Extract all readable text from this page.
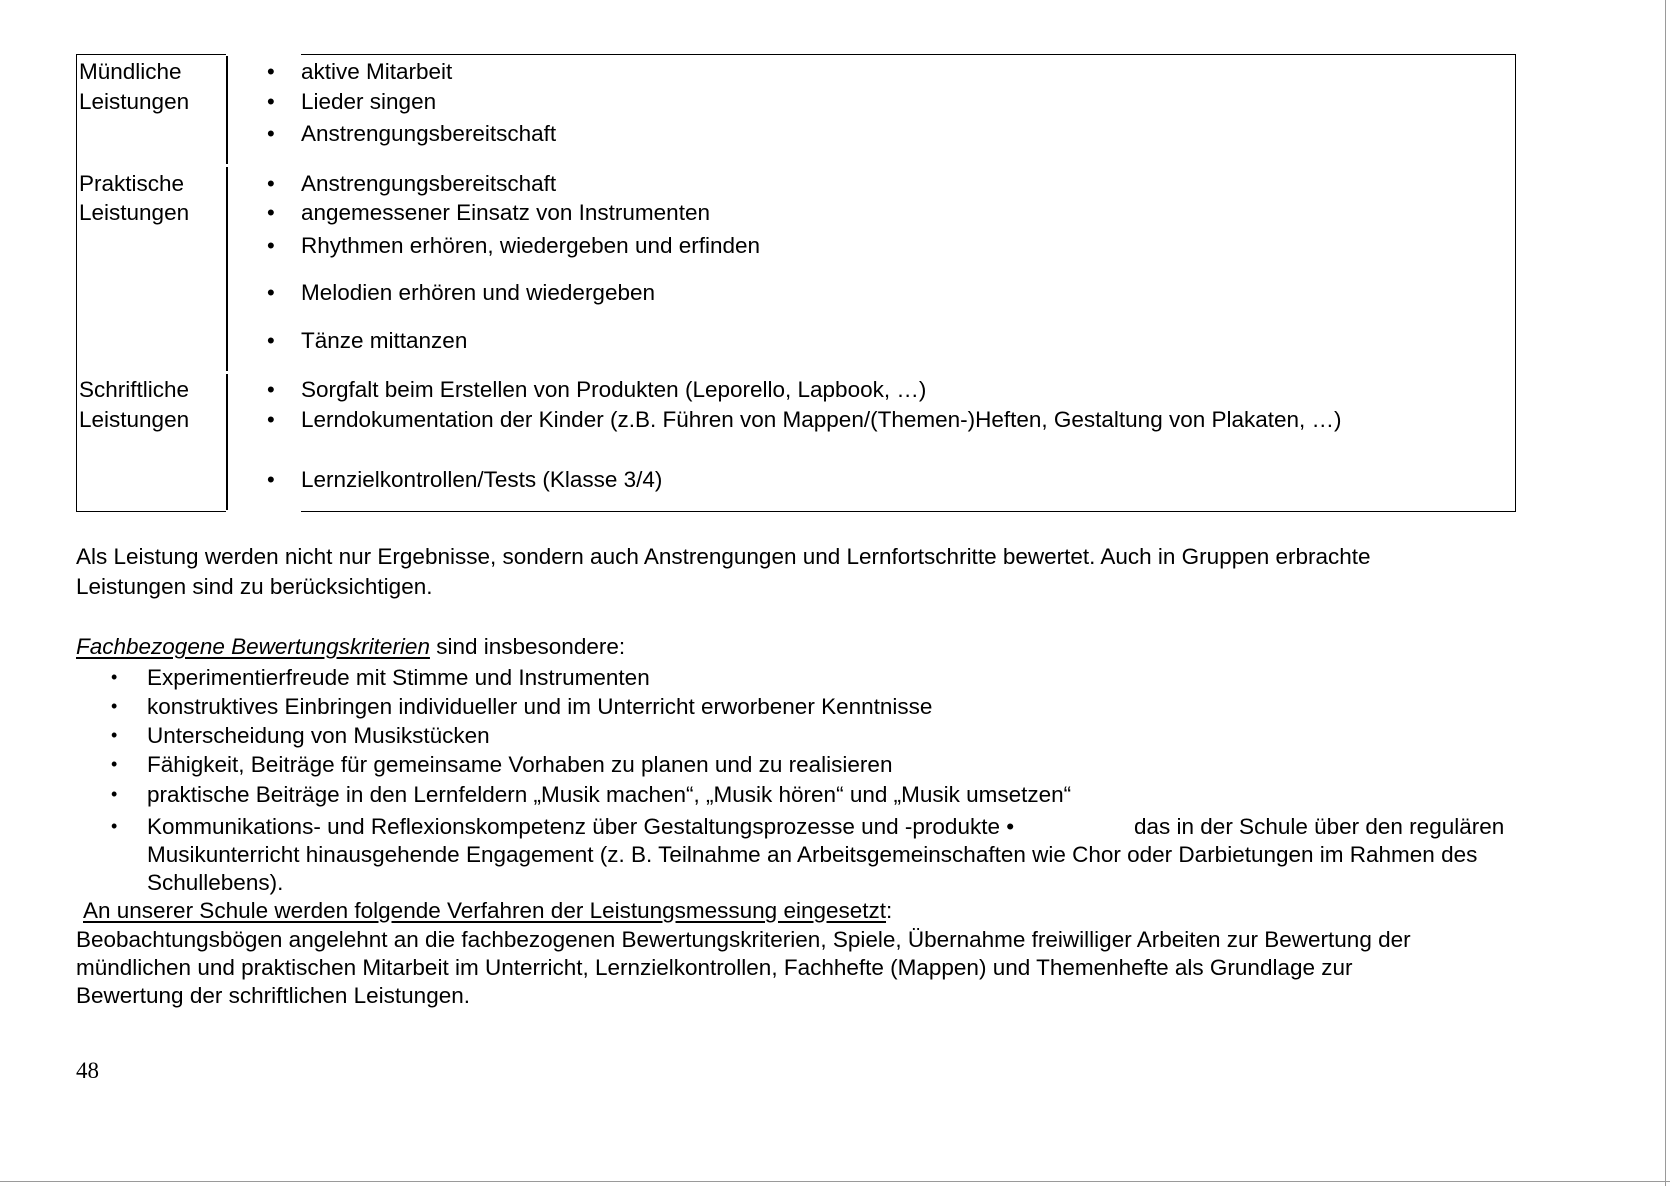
Mündliche
Leistungen
• aktive Mitarbeit
• Lieder singen
• Anstrengungsbereitschaft
Praktische
Leistungen
• Anstrengungsbereitschaft
• angemessener Einsatz von Instrumenten
• Rhythmen erhören, wiedergeben und erfinden
• Melodien erhören und wiedergeben
• Tänze mittanzen
Schriftliche
Leistungen
• Sorgfalt beim Erstellen von Produkten (Leporello, Lapbook, …)
• Lerndokumentation der Kinder (z.B. Führen von Mappen/(Themen-)Heften, Gestaltung von Plakaten, …)
• Lernzielkontrollen/Tests (Klasse 3/4)
Als Leistung werden nicht nur Ergebnisse, sondern auch Anstrengungen und Lernfortschritte bewertet. Auch in Gruppen erbrachte
Leistungen sind zu berücksichtigen.
Fachbezogene Bewertungskriterien sind insbesondere:
• Experimentierfreude mit Stimme und Instrumenten
• konstruktives Einbringen individueller und im Unterricht erworbener Kenntnisse
• Unterscheidung von Musikstücken
• Fähigkeit, Beiträge für gemeinsame Vorhaben zu planen und zu realisieren
• praktische Beiträge in den Lernfeldern „Musik machen“, „Musik hören“ und „Musik umsetzen“
• Kommunikations- und Reflexionskompetenz über Gestaltungsprozesse und -produkte •	das in der Schule über den regulären
Musikunterricht hinausgehende Engagement (z. B. Teilnahme an Arbeitsgemeinschaften wie Chor oder Darbietungen im Rahmen des
Schullebens).
An unserer Schule werden folgende Verfahren der Leistungsmessung eingesetzt:
Beobachtungsbögen angelehnt an die fachbezogenen Bewertungskriterien, Spiele, Übernahme freiwilliger Arbeiten zur Bewertung der
mündlichen und praktischen Mitarbeit im Unterricht, Lernzielkontrollen, Fachhefte (Mappen) und Themenhefte als Grundlage zur
Bewertung der schriftlichen Leistungen.
48
